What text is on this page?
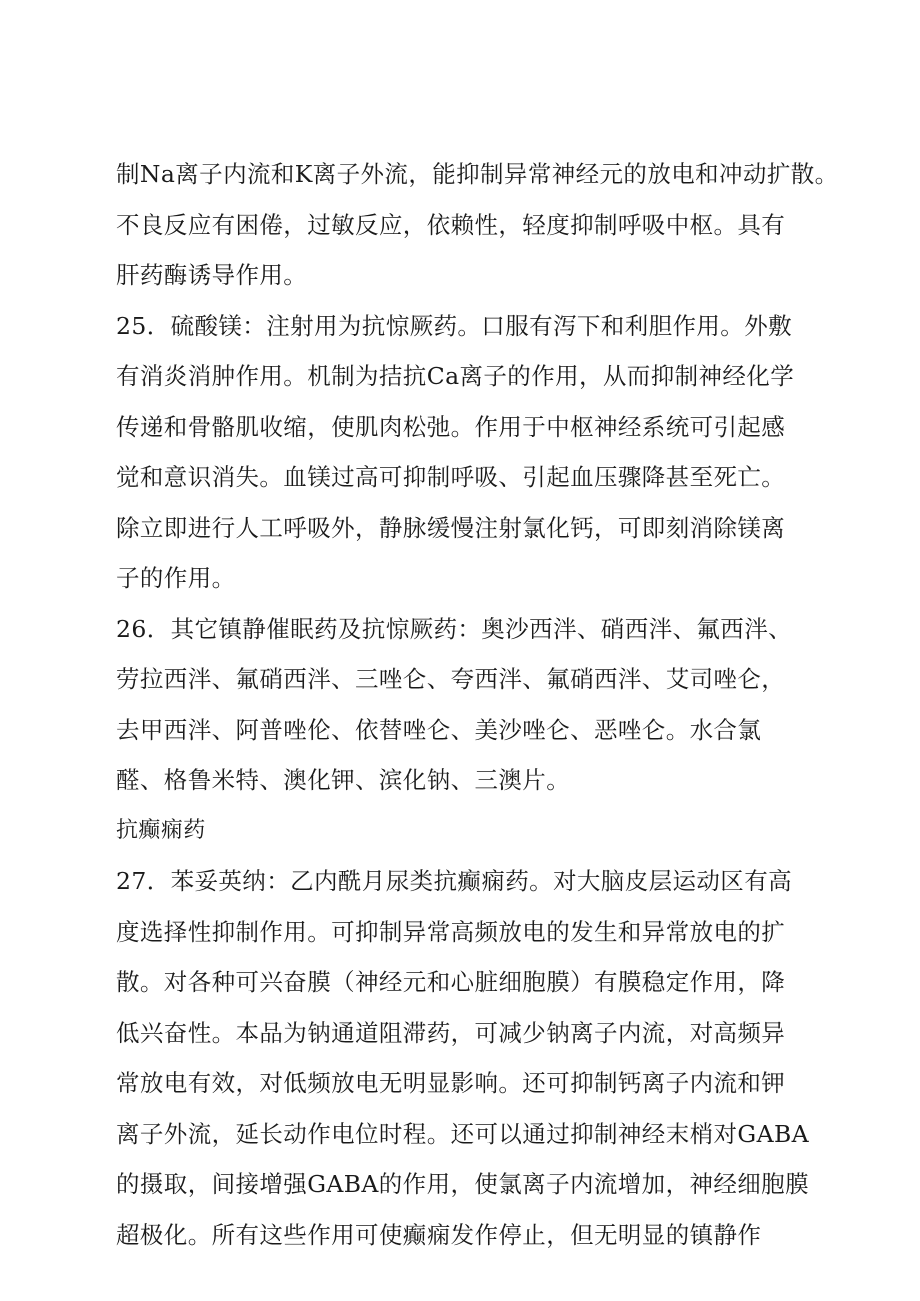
制Na离子内流和K离子外流，能抑制异常神经元的放电和冲动扩散。
不良反应有困倦，过敏反应，依赖性，轻度抑制呼吸中枢。具有
肝药酶诱导作用。
25．硫酸镁：注射用为抗惊厥药。口服有泻下和利胆作用。外敷
有消炎消肿作用。机制为拮抗Ca离子的作用，从而抑制神经化学
传递和骨骼肌收缩，使肌肉松弛。作用于中枢神经系统可引起感
觉和意识消失。血镁过高可抑制呼吸、引起血压骤降甚至死亡。
除立即进行人工呼吸外，静脉缓慢注射氯化钙，可即刻消除镁离
子的作用。
26．其它镇静催眠药及抗惊厥药：奥沙西泮、硝西泮、氟西泮、
劳拉西泮、氟硝西泮、三唑仑、夸西泮、氟硝西泮、艾司唑仑，
去甲西泮、阿普唑伦、依替唑仑、美沙唑仑、恶唑仑。水合氯
醛、格鲁米特、澳化钾、滨化钠、三澳片。
抗癫痫药
27．苯妥英纳：乙内酰月尿类抗癫痫药。对大脑皮层运动区有高
度选择性抑制作用。可抑制异常高频放电的发生和异常放电的扩
散。对各种可兴奋膜（神经元和心脏细胞膜）有膜稳定作用，降
低兴奋性。本品为钠通道阻滞药，可减少钠离子内流，对高频异
常放电有效，对低频放电无明显影响。还可抑制钙离子内流和钾
离子外流，延长动作电位时程。还可以通过抑制神经末梢对GABA
的摄取，间接增强GABA的作用，使氯离子内流增加，神经细胞膜
超极化。所有这些作用可使癫痫发作停止，但无明显的镇静作
